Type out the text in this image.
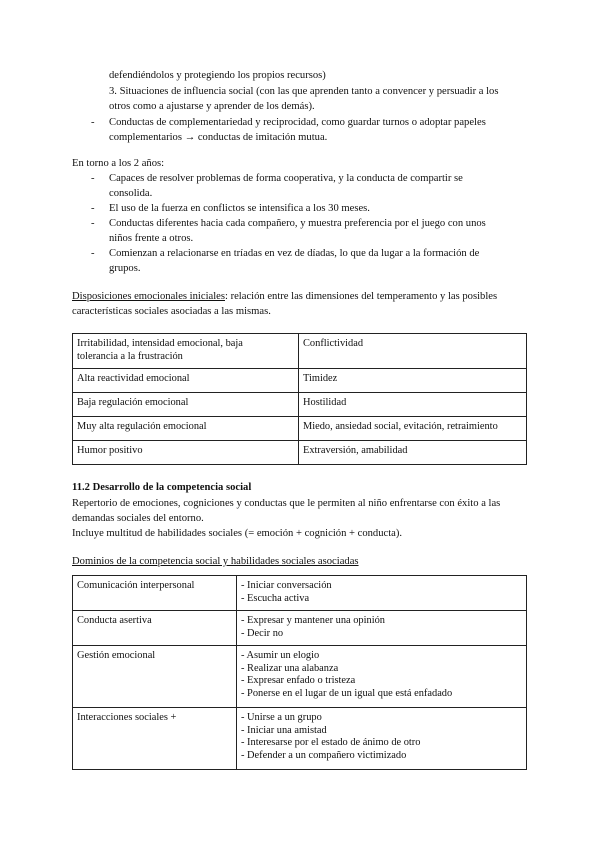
defendiéndolos y protegiendo los propios recursos)
3. Situaciones de influencia social (con las que aprenden tanto a convencer y persuadir a los
otros como a ajustarse y aprender de los demás).
- Conductas de complementariedad y reciprocidad, como guardar turnos o adoptar papeles
complementarios → conductas de imitación mutua.
En torno a los 2 años:
- Capaces de resolver problemas de forma cooperativa, y la conducta de compartir se
consolida.
- El uso de la fuerza en conflictos se intensifica a los 30 meses.
- Conductas diferentes hacia cada compañero, y muestra preferencia por el juego con unos
niños frente a otros.
- Comienzan a relacionarse en tríadas en vez de díadas, lo que da lugar a la formación de
grupos.
Disposiciones emocionales iniciales: relación entre las dimensiones del temperamento y las posibles
características sociales asociadas a las mismas.
Irritabilidad, intensidad emocional, baja
tolerancia a la frustración	Conflictividad
Alta reactividad emocional	Timidez
Baja regulación emocional	Hostilidad
Muy alta regulación emocional	Miedo, ansiedad social, evitación, retraimiento
Humor positivo	Extraversión, amabilidad
11.2 Desarrollo de la competencia social
Repertorio de emociones, cogniciones y conductas que le permiten al niño enfrentarse con éxito a las
demandas sociales del entorno.
Incluye multitud de habilidades sociales (= emoción + cognición + conducta).
Dominios de la competencia social y habilidades sociales asociadas
Comunicación interpersonal	- Iniciar conversación
- Escucha activa

Conducta asertiva	- Expresar y mantener una opinión
- Decir no

Gestión emocional	- Asumir un elogio
- Realizar una alabanza
- Expresar enfado o tristeza
- Ponerse en el lugar de un igual que está enfadado

Interacciones sociales +	- Unirse a un grupo
- Iniciar una amistad
- Interesarse por el estado de ánimo de otro
- Defender a un compañero victimizado
